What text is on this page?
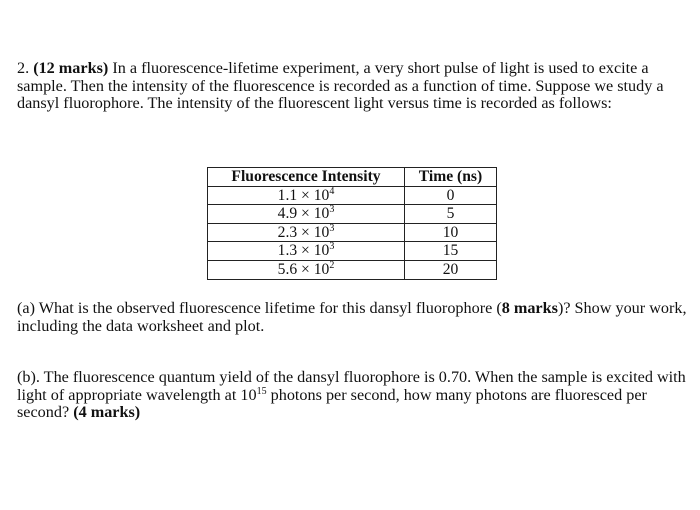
2. (12 marks) In a fluorescence-lifetime experiment, a very short pulse of light is used to excite a sample. Then the intensity of the fluorescence is recorded as a function of time. Suppose we study a dansyl fluorophore. The intensity of the fluorescent light versus time is recorded as follows:

Fluorescence Intensity	Time (ns)
$1.1 \times 10^4$	0
$4.9 \times 10^3$	5
$2.3 \times 10^3$	10
$1.3 \times 10^3$	15
$5.6 \times 10^2$	20

(a) What is the observed fluorescence lifetime for this dansyl fluorophore (8 marks)? Show your work, including the data worksheet and plot.

(b). The fluorescence quantum yield of the dansyl fluorophore is 0.70. When the sample is excited with light of appropriate wavelength at $10^{15}$ photons per second, how many photons are fluoresced per second? (4 marks)
